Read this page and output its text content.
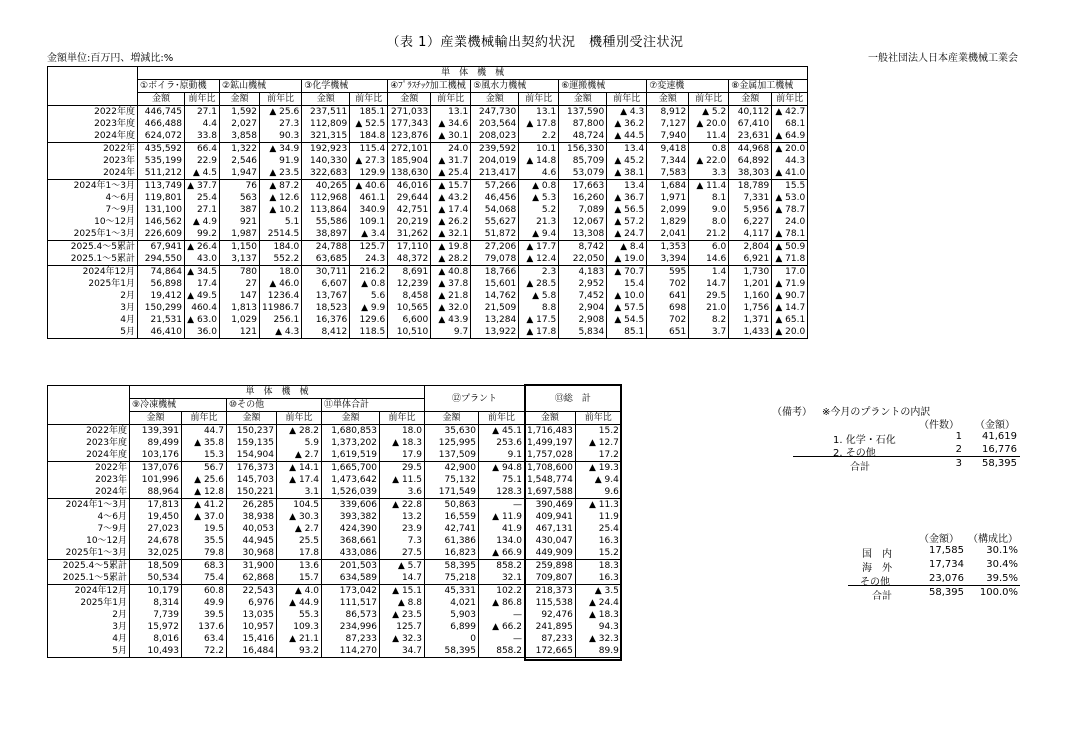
（表 1）産業機械輸出契約状況　機種別受注状況
金額単位:百万円、増減比:%	一般社団法人日本産業機械工業会
	単　体　機　械															
	①ボイラ･原動機		②鉱山機械		③化学機械		④ﾌﾟﾗｽﾁｯｸ加工機械		⑤風水力機械		⑥運搬機械		⑦変速機		⑧金属加工機械	
	金額	前年比	金額	前年比	金額	前年比	金額	前年比	金額	前年比	金額	前年比	金額	前年比	金額	前年比
2022年度	446,745	27.1	1,592	▲ 25.6	237,511	185.1	271,033	13.1	247,730	13.1	137,590	▲ 4.3	8,912	▲ 5.2	40,112	▲ 42.7
2023年度	466,488	4.4	2,027	27.3	112,809	▲ 52.5	177,343	▲ 34.6	203,564	▲ 17.8	87,800	▲ 36.2	7,127	▲ 20.0	67,410	68.1
2024年度	624,072	33.8	3,858	90.3	321,315	184.8	123,876	▲ 30.1	208,023	2.2	48,724	▲ 44.5	7,940	11.4	23,631	▲ 64.9
2022年	435,592	66.4	1,322	▲ 34.9	192,923	115.4	272,101	24.0	239,592	10.1	156,330	13.4	9,418	0.8	44,968	▲ 20.0
2023年	535,199	22.9	2,546	91.9	140,330	▲ 27.3	185,904	▲ 31.7	204,019	▲ 14.8	85,709	▲ 45.2	7,344	▲ 22.0	64,892	44.3
2024年	511,212	▲ 4.5	1,947	▲ 23.5	322,683	129.9	138,630	▲ 25.4	213,417	4.6	53,079	▲ 38.1	7,583	3.3	38,303	▲ 41.0
2024年1～3月	113,749	▲ 37.7	76	▲ 87.2	40,265	▲ 40.6	46,016	▲ 15.7	57,266	▲ 0.8	17,663	13.4	1,684	▲ 11.4	18,789	15.5
4～6月	119,801	25.4	563	▲ 12.6	112,968	461.1	29,644	▲ 43.2	46,456	▲ 5.3	16,260	▲ 36.7	1,971	8.1	7,331	▲ 53.0
7～9月	131,100	27.1	387	▲ 10.2	113,864	340.9	42,751	▲ 17.4	54,068	5.2	7,089	▲ 56.5	2,099	9.0	5,956	▲ 78.7
10～12月	146,562	▲ 4.9	921	5.1	55,586	109.1	20,219	▲ 26.2	55,627	21.3	12,067	▲ 57.2	1,829	8.0	6,227	24.0
2025年1～3月	226,609	99.2	1,987	2514.5	38,897	▲ 3.4	31,262	▲ 32.1	51,872	▲ 9.4	13,308	▲ 24.7	2,041	21.2	4,117	▲ 78.1
2025.4～5累計	67,941	▲ 26.4	1,150	184.0	24,788	125.7	17,110	▲ 19.8	27,206	▲ 17.7	8,742	▲ 8.4	1,353	6.0	2,804	▲ 50.9
2025.1～5累計	294,550	43.0	3,137	552.2	63,685	24.3	48,372	▲ 28.2	79,078	▲ 12.4	22,050	▲ 19.0	3,394	14.6	6,921	▲ 71.8
2024年12月	74,864	▲ 34.5	780	18.0	30,711	216.2	8,691	▲ 40.8	18,766	2.3	4,183	▲ 70.7	595	1.4	1,730	17.0
2025年1月	56,898	17.4	27	▲ 46.0	6,607	▲ 0.8	12,239	▲ 37.8	15,601	▲ 28.5	2,952	15.4	702	14.7	1,201	▲ 71.9
2月	19,412	▲ 49.5	147	1236.4	13,767	5.6	8,458	▲ 21.8	14,762	▲ 5.8	7,452	▲ 10.0	641	29.5	1,160	▲ 90.7
3月	150,299	460.4	1,813	11986.7	18,523	▲ 9.9	10,565	▲ 32.0	21,509	8.8	2,904	▲ 57.5	698	21.0	1,756	▲ 14.7
4月	21,531	▲ 63.0	1,029	256.1	16,376	129.6	6,600	▲ 43.9	13,284	▲ 17.5	2,908	▲ 54.5	702	8.2	1,371	▲ 65.1
5月	46,410	36.0	121	▲ 4.3	8,412	118.5	10,510	9.7	13,922	▲ 17.8	5,834	85.1	651	3.7	1,433	▲ 20.0
	単　体　機　械						⑫プラント		⑬総　計	
	⑨冷凍機械		⑩その他		⑪単体合計					
	金額	前年比	金額	前年比	金額	前年比	金額	前年比	金額	前年比
2022年度	139,391	44.7	150,237	▲ 28.2	1,680,853	18.0	35,630	▲ 45.1	1,716,483	15.2
2023年度	89,499	▲ 35.8	159,135	5.9	1,373,202	▲ 18.3	125,995	253.6	1,499,197	▲ 12.7
2024年度	103,176	15.3	154,904	▲ 2.7	1,619,519	17.9	137,509	9.1	1,757,028	17.2
2022年	137,076	56.7	176,373	▲ 14.1	1,665,700	29.5	42,900	▲ 94.8	1,708,600	▲ 19.3
2023年	101,996	▲ 25.6	145,703	▲ 17.4	1,473,642	▲ 11.5	75,132	75.1	1,548,774	▲ 9.4
2024年	88,964	▲ 12.8	150,221	3.1	1,526,039	3.6	171,549	128.3	1,697,588	9.6
2024年1～3月	17,813	▲ 41.2	26,285	104.5	339,606	▲ 22.8	50,863	—	390,469	▲ 11.3
4～6月	19,450	▲ 37.0	38,938	▲ 30.3	393,382	13.2	16,559	▲ 11.9	409,941	11.9
7～9月	27,023	19.5	40,053	▲ 2.7	424,390	23.9	42,741	41.9	467,131	25.4
10～12月	24,678	35.5	44,945	25.5	368,661	7.3	61,386	134.0	430,047	16.3
2025年1～3月	32,025	79.8	30,968	17.8	433,086	27.5	16,823	▲ 66.9	449,909	15.2
2025.4～5累計	18,509	68.3	31,900	13.6	201,503	▲ 5.7	58,395	858.2	259,898	18.3
2025.1～5累計	50,534	75.4	62,868	15.7	634,589	14.7	75,218	32.1	709,807	16.3
2024年12月	10,179	60.8	22,543	▲ 4.0	173,042	▲ 15.1	45,331	102.2	218,373	▲ 3.5
2025年1月	8,314	49.9	6,976	▲ 44.9	111,517	▲ 8.8	4,021	▲ 86.8	115,538	▲ 24.4
2月	7,739	39.5	13,035	55.3	86,573	▲ 23.5	5,903	—	92,476	▲ 18.3
3月	15,972	137.6	10,957	109.3	234,996	125.7	6,899	▲ 66.2	241,895	94.3
4月	8,016	63.4	15,416	▲ 21.1	87,233	▲ 32.3	0	—	87,233	▲ 32.3
5月	10,493	72.2	16,484	93.2	114,270	34.7	58,395	858.2	172,665	89.9
（備考） ※今月のプラントの内訳
（件数） （金額）
1. 化学・石化	1	41,619
2. その他	2	16,776
合計	3	58,395
（金額） （構成比）
国　内	17,585	30.1%
海　外	17,734	30.4%
その他	23,076	39.5%
合計	58,395	100.0%
